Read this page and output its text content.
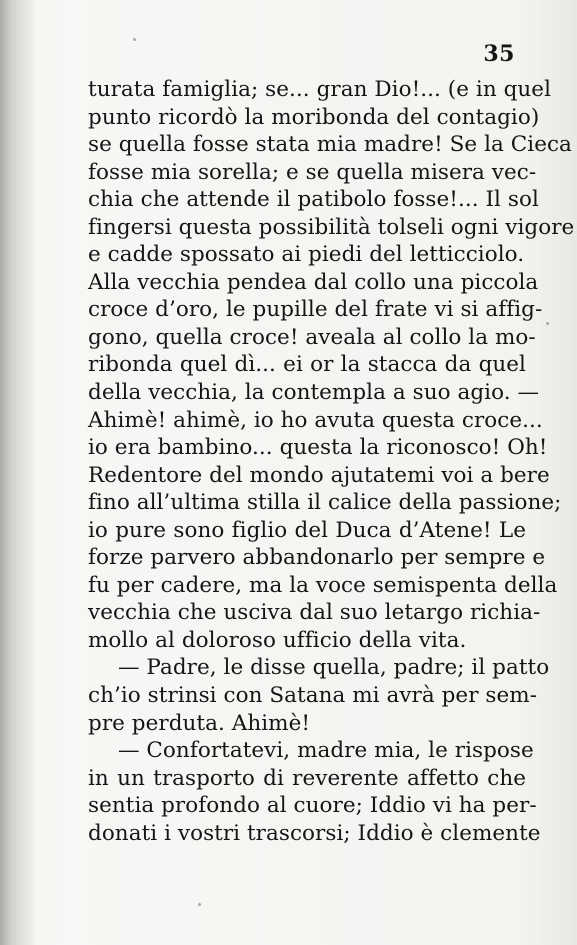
35
turata famiglia; se... gran Dio!... (e in quel
punto ricordò la moribonda del contagio)
se quella fosse stata mia madre! Se la Cieca
fosse mia sorella; e se quella misera vec-
chia che attende il patibolo fosse!... Il sol
fingersi questa possibilità tolseli ogni vigore
e cadde spossato ai piedi del letticciolo.
Alla vecchia pendea dal collo una piccola
croce d’oro, le pupille del frate vi si affig-
gono, quella croce! aveala al collo la mo-
ribonda quel dì... ei or la stacca da quel
della vecchia, la contempla a suo agio. —
Ahimè! ahimè, io ho avuta questa croce...
io era bambino... questa la riconosco! Oh!
Redentore del mondo ajutatemi voi a bere
fino all’ultima stilla il calice della passione;
io pure sono figlio del Duca d’Atene! Le
forze parvero abbandonarlo per sempre e
fu per cadere, ma la voce semispenta della
vecchia che usciva dal suo letargo richia-
mollo al doloroso ufficio della vita.
— Padre, le disse quella, padre; il patto
ch’io strinsi con Satana mi avrà per sem-
pre perduta. Ahimè!
— Confortatevi, madre mia, le rispose
in un trasporto di reverente affetto che
sentia profondo al cuore; Iddio vi ha per-
donati i vostri trascorsi; Iddio è clemente
